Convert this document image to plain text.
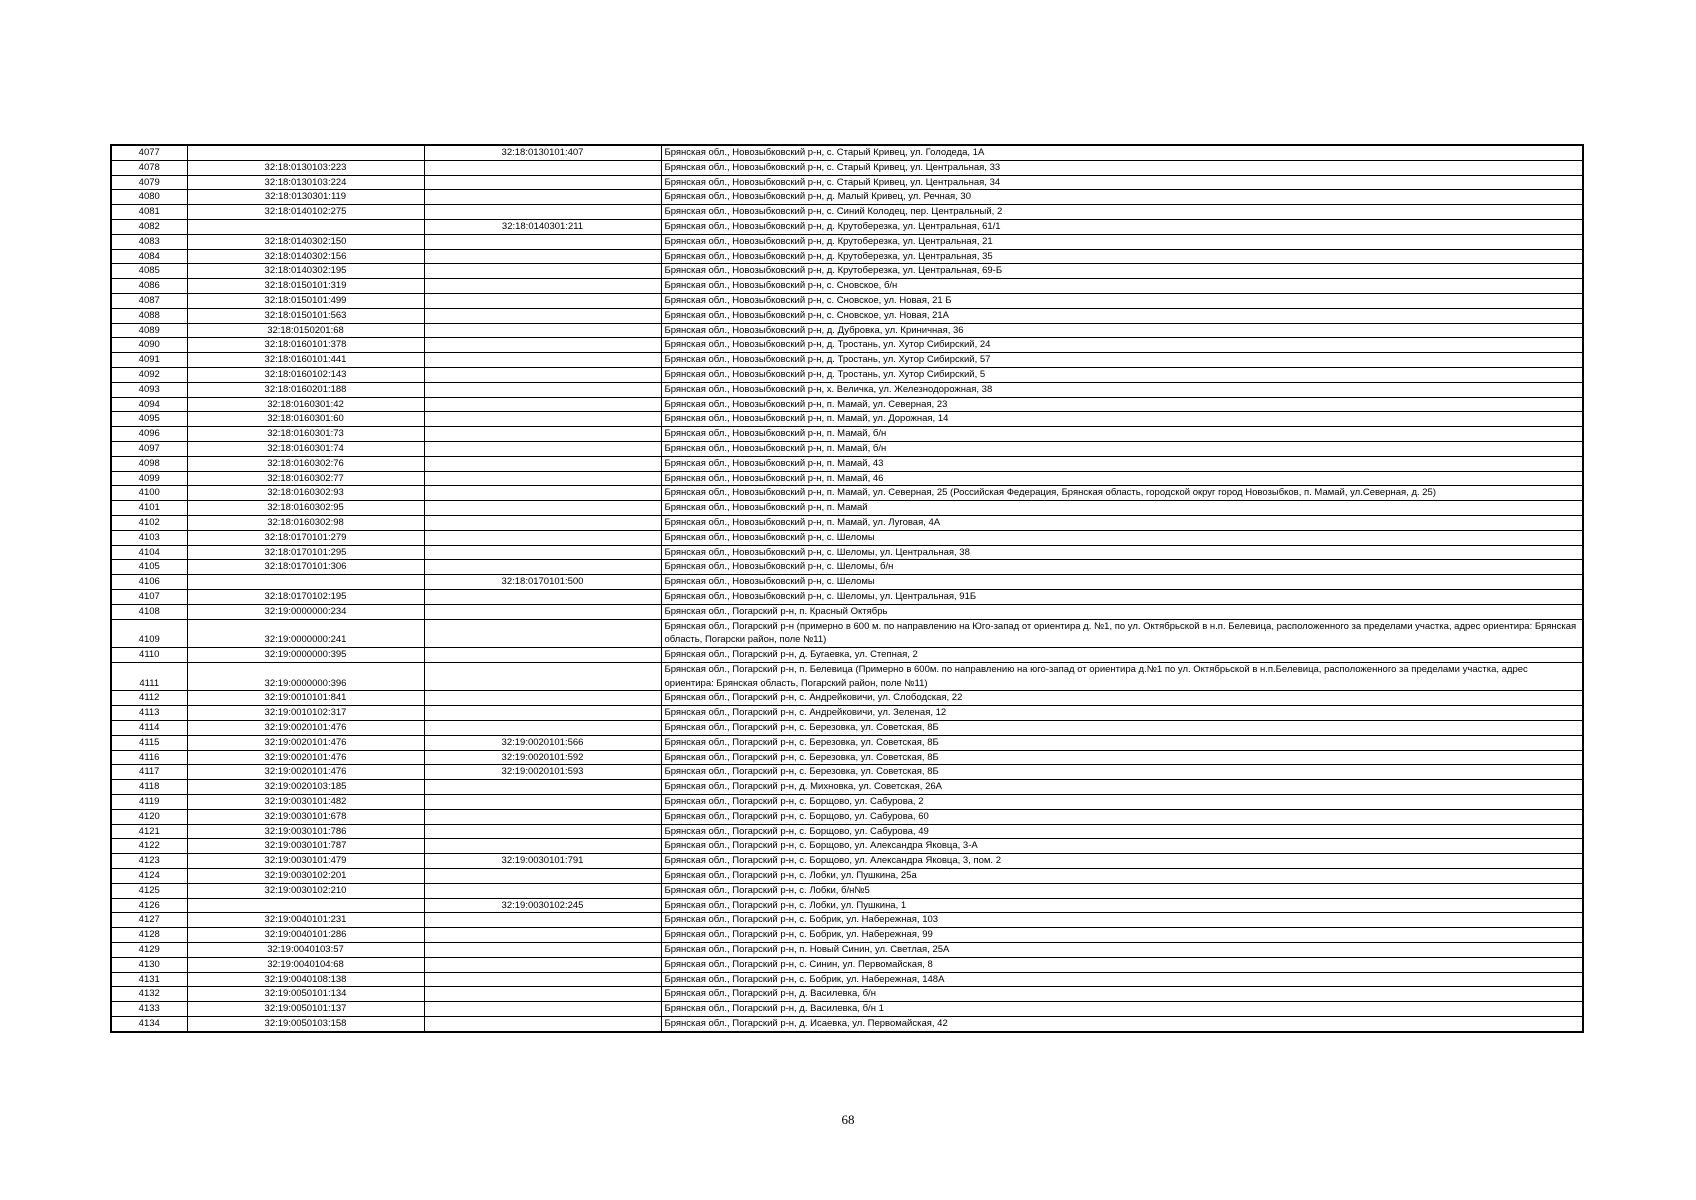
4077		32:18:0130101:407	Брянская обл., Новозыбковский р-н, с. Старый Кривец, ул. Голодеда, 1А
4078	32:18:0130103:223		Брянская обл., Новозыбковский р-н, с. Старый Кривец, ул. Центральная, 33
4079	32:18:0130103:224		Брянская обл., Новозыбковский р-н, с. Старый Кривец, ул. Центральная, 34
4080	32:18:0130301:119		Брянская обл., Новозыбковский р-н, д. Малый Кривец, ул. Речная, 30
4081	32:18:0140102:275		Брянская обл., Новозыбковский р-н, с. Синий Колодец, пер. Центральный, 2
4082		32:18:0140301:211	Брянская обл., Новозыбковский р-н, д. Крутоберезка, ул. Центральная, 61/1
4083	32:18:0140302:150		Брянская обл., Новозыбковский р-н, д. Крутоберезка, ул. Центральная, 21
4084	32:18:0140302:156		Брянская обл., Новозыбковский р-н, д. Крутоберезка, ул. Центральная, 35
4085	32:18:0140302:195		Брянская обл., Новозыбковский р-н, д. Крутоберезка, ул. Центральная, 69-Б
4086	32:18:0150101:319		Брянская обл., Новозыбковский р-н, с. Сновское, б/н
4087	32:18:0150101:499		Брянская обл., Новозыбковский р-н, с. Сновское, ул. Новая, 21 Б
4088	32:18:0150101:563		Брянская обл., Новозыбковский р-н, с. Сновское, ул. Новая, 21А
4089	32:18:0150201:68		Брянская обл., Новозыбковский р-н, д. Дубровка, ул. Криничная, 36
4090	32:18:0160101:378		Брянская обл., Новозыбковский р-н, д. Тростань, ул. Хутор Сибирский, 24
4091	32:18:0160101:441		Брянская обл., Новозыбковский р-н, д. Тростань, ул. Хутор Сибирский, 57
4092	32:18:0160102:143		Брянская обл., Новозыбковский р-н, д. Тростань, ул. Хутор Сибирский, 5
4093	32:18:0160201:188		Брянская обл., Новозыбковский р-н, х. Величка, ул. Железнодорожная, 38
4094	32:18:0160301:42		Брянская обл., Новозыбковский р-н, п. Мамай, ул. Северная, 23
4095	32:18:0160301:60		Брянская обл., Новозыбковский р-н, п. Мамай, ул. Дорожная, 14
4096	32:18:0160301:73		Брянская обл., Новозыбковский р-н, п. Мамай, б/н
4097	32:18:0160301:74		Брянская обл., Новозыбковский р-н, п. Мамай, б/н
4098	32:18:0160302:76		Брянская обл., Новозыбковский р-н, п. Мамай, 43
4099	32:18:0160302:77		Брянская обл., Новозыбковский р-н, п. Мамай, 46
4100	32:18:0160302:93		Брянская обл., Новозыбковский р-н, п. Мамай, ул. Северная, 25 (Российская Федерация, Брянская область, городской округ город Новозыбков, п. Мамай, ул.Северная, д. 25)
4101	32:18:0160302:95		Брянская обл., Новозыбковский р-н, п. Мамай
4102	32:18:0160302:98		Брянская обл., Новозыбковский р-н, п. Мамай, ул. Луговая, 4А
4103	32:18:0170101:279		Брянская обл., Новозыбковский р-н, с. Шеломы
4104	32:18:0170101:295		Брянская обл., Новозыбковский р-н, с. Шеломы, ул. Центральная, 38
4105	32:18:0170101:306		Брянская обл., Новозыбковский р-н, с. Шеломы, б/н
4106		32:18:0170101:500	Брянская обл., Новозыбковский р-н, с. Шеломы
4107	32:18:0170102:195		Брянская обл., Новозыбковский р-н, с. Шеломы, ул. Центральная, 91Б
4108	32:19:0000000:234		Брянская обл., Погарский р-н, п. Красный Октябрь
4109	32:19:0000000:241		Брянская обл., Погарский р-н (примерно в 600 м. по направлению на Юго-запад от ориентира д. №1, по ул. Октябрьской в н.п. Белевица, расположенного за пределами участка, адрес ориентира: Брянская область, Погарски район, поле №11)
4110	32:19:0000000:395		Брянская обл., Погарский р-н, д. Бугаевка, ул. Степная, 2
4111	32:19:0000000:396		Брянская обл., Погарский р-н, п. Белевица (Примерно в 600м. по направлению на юго-запад от ориентира д.№1 по ул. Октябрьской в н.п.Белевица, расположенного за пределами участка, адрес ориентира: Брянская область, Погарский район, поле №11)
4112	32:19:0010101:841		Брянская обл., Погарский р-н, с. Андрейковичи, ул. Слободская, 22
4113	32:19:0010102:317		Брянская обл., Погарский р-н, с. Андрейковичи, ул. Зеленая, 12
4114	32:19:0020101:476		Брянская обл., Погарский р-н, с. Березовка, ул. Советская, 8Б
4115	32:19:0020101:476	32:19:0020101:566	Брянская обл., Погарский р-н, с. Березовка, ул. Советская, 8Б
4116	32:19:0020101:476	32:19:0020101:592	Брянская обл., Погарский р-н, с. Березовка, ул. Советская, 8Б
4117	32:19:0020101:476	32:19:0020101:593	Брянская обл., Погарский р-н, с. Березовка, ул. Советская, 8Б
4118	32:19:0020103:185		Брянская обл., Погарский р-н, д. Михновка, ул. Советская, 26А
4119	32:19:0030101:482		Брянская обл., Погарский р-н, с. Борщово, ул. Сабурова, 2
4120	32:19:0030101:678		Брянская обл., Погарский р-н, с. Борщово, ул. Сабурова, 60
4121	32:19:0030101:786		Брянская обл., Погарский р-н, с. Борщово, ул. Сабурова, 49
4122	32:19:0030101:787		Брянская обл., Погарский р-н, с. Борщово, ул. Александра Яковца, 3-А
4123	32:19:0030101:479	32:19:0030101:791	Брянская обл., Погарский р-н, с. Борщово, ул. Александра Яковца, 3, пом. 2
4124	32:19:0030102:201		Брянская обл., Погарский р-н, с. Лобки, ул. Пушкина, 25а
4125	32:19:0030102:210		Брянская обл., Погарский р-н, с. Лобки, б/н№5
4126		32:19:0030102:245	Брянская обл., Погарский р-н, с. Лобки, ул. Пушкина, 1
4127	32:19:0040101:231		Брянская обл., Погарский р-н, с. Бобрик, ул. Набережная, 103
4128	32:19:0040101:286		Брянская обл., Погарский р-н, с. Бобрик, ул. Набережная, 99
4129	32:19:0040103:57		Брянская обл., Погарский р-н, п. Новый Синин, ул. Светлая, 25А
4130	32:19:0040104:68		Брянская обл., Погарский р-н, с. Синин, ул. Первомайская, 8
4131	32:19:0040108:138		Брянская обл., Погарский р-н, с. Бобрик, ул. Набережная, 148А
4132	32:19:0050101:134		Брянская обл., Погарский р-н, д. Василевка, б/н
4133	32:19:0050101:137		Брянская обл., Погарский р-н, д. Василевка, б/н 1
4134	32:19:0050103:158		Брянская обл., Погарский р-н, д. Исаевка, ул. Первомайская, 42
68
